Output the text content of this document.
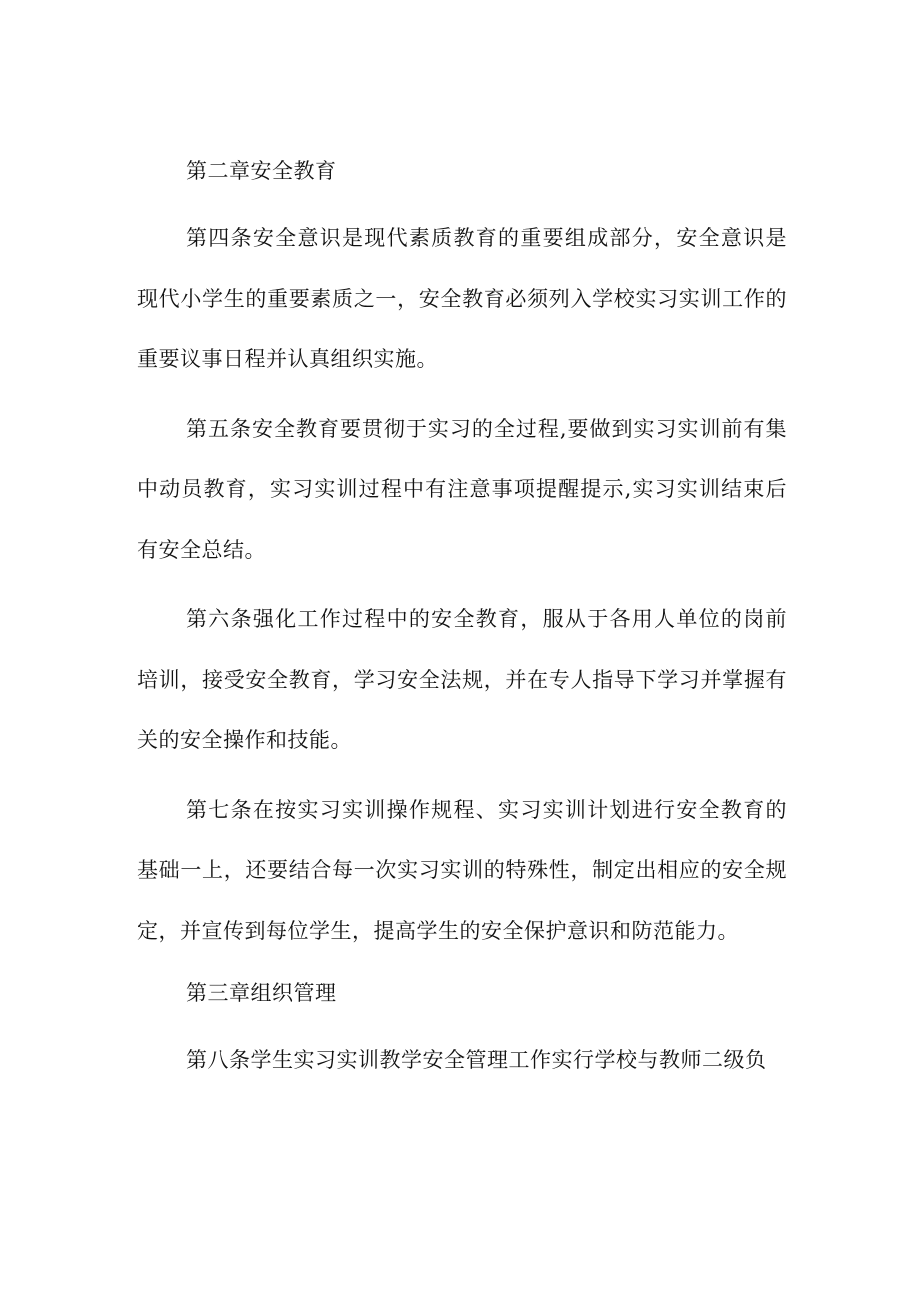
第二章安全教育

第四条安全意识是现代素质教育的重要组成部分，安全意识是现代小学生的重要素质之一，安全教育必须列入学校实习实训工作的重要议事日程并认真组织实施。

第五条安全教育要贯彻于实习的全过程,要做到实习实训前有集中动员教育，实习实训过程中有注意事项提醒提示,实习实训结束后有安全总结。

第六条强化工作过程中的安全教育，服从于各用人单位的岗前培训，接受安全教育，学习安全法规，并在专人指导下学习并掌握有关的安全操作和技能。

第七条在按实习实训操作规程、实习实训计划进行安全教育的基础一上，还要结合每一次实习实训的特殊性，制定出相应的安全规定，并宣传到每位学生，提高学生的安全保护意识和防范能力。

第三章组织管理

第八条学生实习实训教学安全管理工作实行学校与教师二级负
